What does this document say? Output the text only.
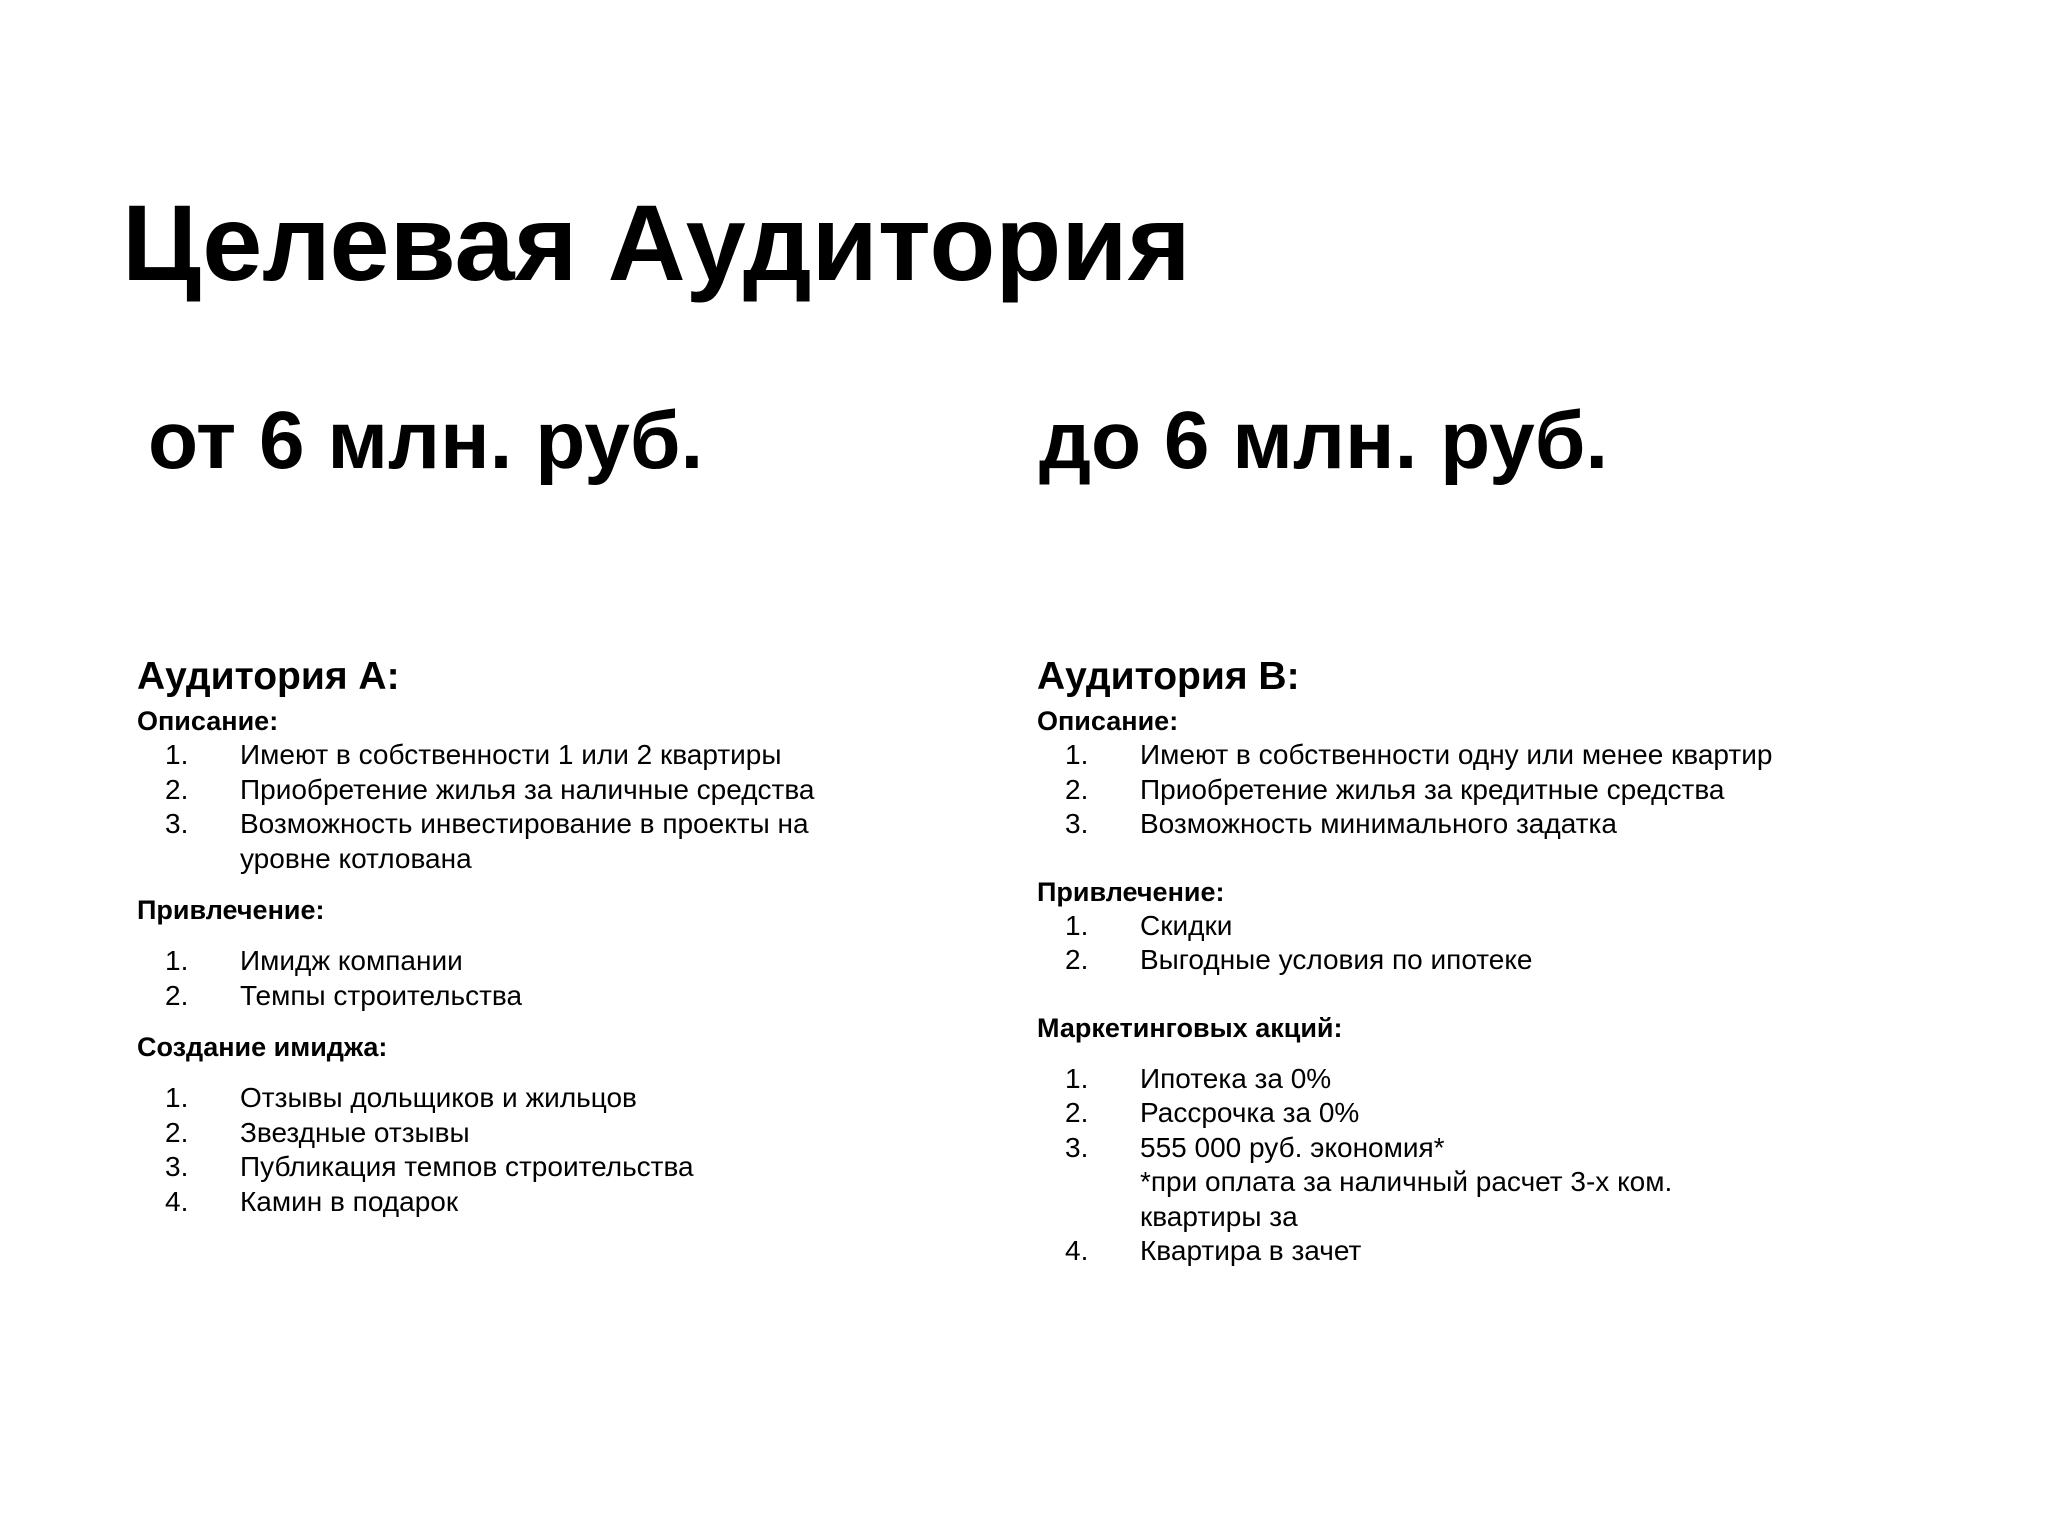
Целевая Аудитория
от 6 млн. руб.	до 6 млн. руб.
Аудитория А:
Описание:
1. Имеют в собственности 1 или 2 квартиры
2. Приобретение жилья за наличные средства
3. Возможность инвестирование в проекты на
уровне котлована
Привлечение:
1. Имидж компании
2. Темпы строительства
Создание имиджа:
1. Отзывы дольщиков и жильцов
2. Звездные отзывы
3. Публикация темпов строительства
4. Камин в подарок
Аудитория В:
Описание:
1. Имеют в собственности одну или менее квартир
2. Приобретение жилья за кредитные средства
3. Возможность минимального задатка
Привлечение:
1. Скидки
2. Выгодные условия по ипотеке
Маркетинговых акций:
1. Ипотека за 0%
2. Рассрочка за 0%
3. 555 000 руб. экономия*
*при оплата за наличный расчет 3-х ком.
квартиры за
4. Квартира в зачет
